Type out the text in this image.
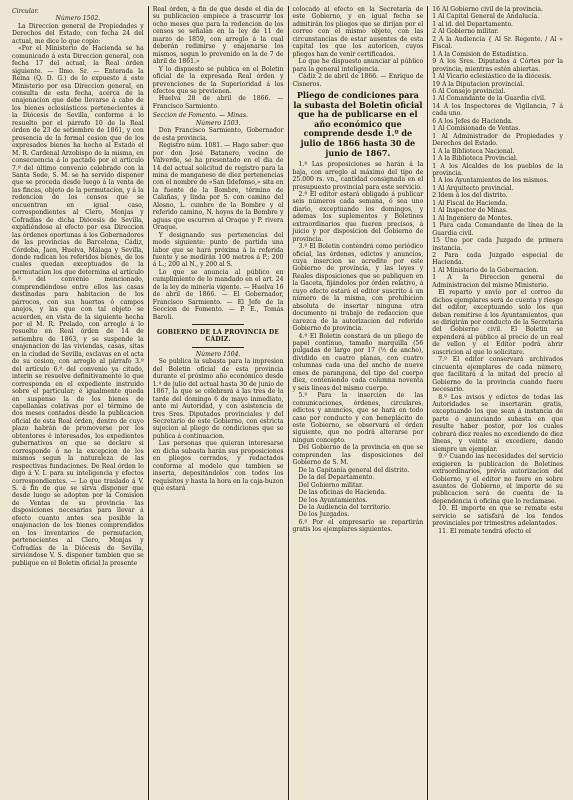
Circular.

Número 1502.

La Direccion general de Propiedades y Derechos del Estado, con fecha 24 del actual, me dice lo que copio:

«Por el Ministerio de Hacienda se ha comunicado á esta Direccion general, con fecha 17 del actual, la Real órden siguiente. — Ilmo. Sr. — Enterada la Reina (Q. D. G.) de lo expuesto á este Ministerio por esa Direccion general, en consulta de esta fecha, acerca de la enajenacion que debe llevarse á cabo de los bienes eclesiásticos pertenecientes á la Diócesis de Sevilla, conforme á lo resuelto por el párrafo 10 de la Real órden de 23 de setiembre de 1861, y con presencia de la formal cesion que de los expresados bienes ha hecho al Estado el M. R. Cardenal Arzobispo de la misma, en consecuencia á lo pactado por el artículo 7.º del último convenio celebrado con la Santa Sede, S. M. se ha servido disponer que se proceda desde luego á la venta de las fincas, objeto de la permutacion, y á la redencion de los censos que se encuentran en igual caso, correspondientes al Clero, Monjas y Cofradías de dicha Diócesis de Sevilla, expidiéndose al efecto por esa Direccion las órdenes oportunas á los Gobernadores de las provincias de Barcelona, Cádiz, Córdoba, Jaen, Huelva, Málaga y Sevilla, donde radican los referidos bienes, de los cuales quedan exceptuados de la permutacion los que determina el artículo 6.º del convenio mencionado, comprendiéndose entre ellos las casas destinadas para habitacion de los párrocos, con sus huertos ó campos anejos, y las que con tal objeto se acuerden, en vista de la siguiente hecha por el M. R. Prelado, con arreglo á lo resuelto en Real órden de 14 de setiembre de 1863, y se suspende la enajenacion de las viviendas, casas, sitas en la ciudad de Sevilla, esclavas en el acta de su cesion, con arreglo al párrafo 3.º del artículo 6.º del convenio ya citado, interin se resuelve definitivamente lo que corresponda en el expediente instruido sobre el particular; é igualmente queda en suspenso la de los bienes de capellanías colativas por el término de dos meses contados desde la publicacion oficial de esta Real órden, dentro de cuyo plazo habrán de promoverse por los obtentores é interesados, los expedientes gubernativos en que se declare si corresponde ó no la excepcion de los mismos segun la naturaleza de las respectivas fundaciones. De Real órden lo digo á V. I. para su inteligencia y efectos correspondientes. — Lo que traslado á V. S. á fin de que se sirva disponer que desde luego se adopten por la Comision de Ventas de su provincia las disposiciones necesarias para llevar á efecto cuanto antes sea posible la enajenacion de los bienes comprendidos en los inventarios de permutacion, pertenecientes al Clero, Monjas y Cofradías de la Diócesis de Sevilla, sirviéndose V. S. disponer tambien que se publique en el Boletin oficial la presente

Real órden, á fin de que desde el dia de su publicacion empiece á trascurrir los ocho meses que para la redencion de los censos se señalan en la ley de 11 de marzo de 1859, con arreglo á la cual deberán redimirse y enajenarse los mismos, segun lo prevenido en la de 7 de abril de 1861.»

Y lo dispuesto se publica en el Boletin oficial de la expresada Real órden y prevenciones de la Superioridad á los efectos que se previenen.

Huelva 28 de abril de 1866. — Francisco Sarmiento.

Seccion de Fomento. — Minas.

Número 1503.

Don Francisco Sarmiento, Gobernador de esta provincia.

Registro núm. 1081. — Hago saber: que por don José Batanero, vecino de Valverde, se ha presentado en el dia de 14 del actual solicitud de registro para la mina de manganeso de diez pertenencias con el nombre de «San Ildefonso,» sita en la fuente de la Bombre, término de Calañas, y linda por S. con camino del Alosno, L. cumbre de la Bombre y el referido camino, N. hoyos de la Bombre y aguas que escurren al Oraque y P. rivera Oraque.

Y designando sus pertenencias del modo siguiente: punto de partida una labor que se hará próxima á la referida fuente y se medirán 100 metros á P.; 200 á L.; 200 al N., y 200 al S.

Lo que se anuncia al público en cumplimiento de lo mandado en el art. 24 de la ley de minería vigente. — Huelva 16 de abril de 1866. — El Gobernador, Francisco Sarmiento. — El Jefe de la Seccion de Fomento. — P. E., Tomás Baroli.

GOBIERNO DE LA PROVINCIA DE CÁDIZ.

Número 1504.

Se publica la subasta para la impresion del Boletin oficial de esta provincia durante el próximo año económico desde 1.º de julio del actual hasta 30 de junio de 1867, la que se celebrará á las tres de la tarde del domingo 6 de mayo inmediato, ante mi Autoridad, y con asistencia de tres Sres. Diputados provinciales y del Secretario de este Gobierno, con estricta sujecion al pliego de condiciones que se publica á continuacion.

Las personas que quieran interesarse en dicha subasta harán sus proposiciones en pliegos cerrados, y redactados conforme al modelo que tambien se inserta, depositándolos con todos los requisitos y hasta la hora en la caja-buzon que estará

colocado al efecto en la Secretaría de este Gobierno, y en igual fecha se admitirán los pliegos que se dirijan por el correo con el mismo objeto, con las circunstancias de estar ausentes de esta capital los que los autoricen, cuyos pliegos han de venir certificados.

Lo que he dispuesto anunciar al público para la general inteligencia.

Cádiz 2 de abril de 1866. — Enrique de Cisneros.

Pliego de condiciones para la subasta del Boletin oficial que ha de publicarse en el año económico que comprende desde 1.º de julio de 1866 hasta 30 de junio de 1867.

1.º Las proposiciones se harán á la baja, con arreglo al máximo del tipo de 25.000 rs. vn., cantidad consignada en el presupuesto provincial para este servicio.

2.º El editor estará obligado á publicar seis números cada semana, ó sea uno diario, exceptuando los domingos, y ademas los suplementos y Boletines extraordinarios que fueren precisos, á juicio y por disposicion del Gobierno de provincia.

3.º El Boletin contendrá como periódico oficial, las órdenes, edictos y anuncios, cuya insercion se acredite por este Gobierno de provincia, y las leyes y Reales disposiciones que se publiquen en la Gaceta, fijándolos por órden relativo, á cuyo efecto estará el editor suscrito á un número de la misma, con prohibicion absoluta de insertar ninguna otra documento ni trabajo de redaccion que carezca de la autorizacion del referido Gobierno de provincia.

4.º El Boletin constará de un pliego de papel continuo, tamaño marquilla (56 pulgadas de largo por 17 (½ de ancho), dividido en cuatro planas, con cuatro columnas cada una del ancho de nueve emes de parangona, del tipo del cuerpo diez, conteniendo cada columna noventa y seis líneas del mismo cuerpo.

5.º Para la insercion de las comunicaciones, órdenes, circulares, edictos y anuncios, que se hará en todo caso por conducto y con beneplácito de este Gobierno, se observará el órden siguiente, que no podrá alterarse por ningun concepto.

Del Gobierno de la provincia en que se comprenden las disposiciones del Gobierno de S. M.

De la Capitanía general del distrito.

De la del Departamento.

Del Gobierno militar.

De las oficinas de Hacienda.

De los Ayuntamientos.

De la Audiencia del territorio.

De los Juzgados.

6.º Por el empresario se repartirán gratis los ejemplares siguientes.

16 Al Gobierno civil de la provincia.

1 Al Capital General de Andalucía.

1 al id. del Departamento.

2 Al Gobierno militar.

2 A la Audiencia { Al Sr. Regente. / Al » Fiscal.

1 A la Comision de Estadística.

9 A los Sres. Diputados á Córtes por la provincia, mientras estén abiertas.

1 Al Vicario eclesiástico de la diócesis.

19 A la Diputacion provincial.

6 Al Consejo provincial.

1 Al Comandante de la Guardia civil.

14 A los Inspectores de Vigilancia, 7 á cada uno.

6 A los Jefes de Hacienda.

1 Al Comisionado de Ventas.

1 Al Administrador de Propiedades y Derechos del Estado.

1 A la Biblioteca Nacional.

1 A la Biblioteca Provincial.

1 A los Alcaldes de los pueblos de la provincia.

1 A los Ayuntamientos de los mismos.

1 Al Arquitecto provincial.

2 Idem á los del distrito.

1 Al Fiscal de Hacienda.

1 Al Inspector de Minas.

1 Al Ingeniero de Montes.

1 Para cada Comandante de línea de la Guardia civil.

15 Uno por cada Juzgado de primera instancia.

2 Para cada Juzgado especial de Hacienda.

1 Al Ministerio de la Gobernacion.

1 A la Direccion general de Administracion del mismo Ministerio.

El reparto y envío por el correo de dichos ejemplares será de cuenta y riesgo del editor, exceptuando solo los que deban remitirse á los Ayuntamientos, que se dirigirán por conducto de la Secretaría del Gobierno civil. El Boletin se expenderá al público al precio de un real de vellon y el Editor podrá abrir suscricion al que lo solicitare.

7.º El editor conservará archivados cincuenta ejemplares de cada número, que facilitará á la mitad del precio al Gobierno de la provincia cuando fuere necesario.

8.º Los avisos y edictos de todas las Autoridades se insertarán gratis, exceptuando los que sean á instancia de parte ó anunciando subasta en que resulte haber postor, por los cuales cobrará diez reales no excediendo de diez líneas, y veinte si excediere, dando siempre un ejemplar.

9.º Cuando las necesidades del servicio exigieren la publicacion de Boletines extraordinarios, prévia autorizacion del Gobierno, y el editor no fuere en sobre asuntos de Gobierno, el importe de su publicacion será de cuenta de la dependencia ú oficina que lo reclamase.

10. El importe en que se remate este servicio se satisfará de los fondos provinciales por trimestres adelantados.

11. El remate tendrá efecto el
